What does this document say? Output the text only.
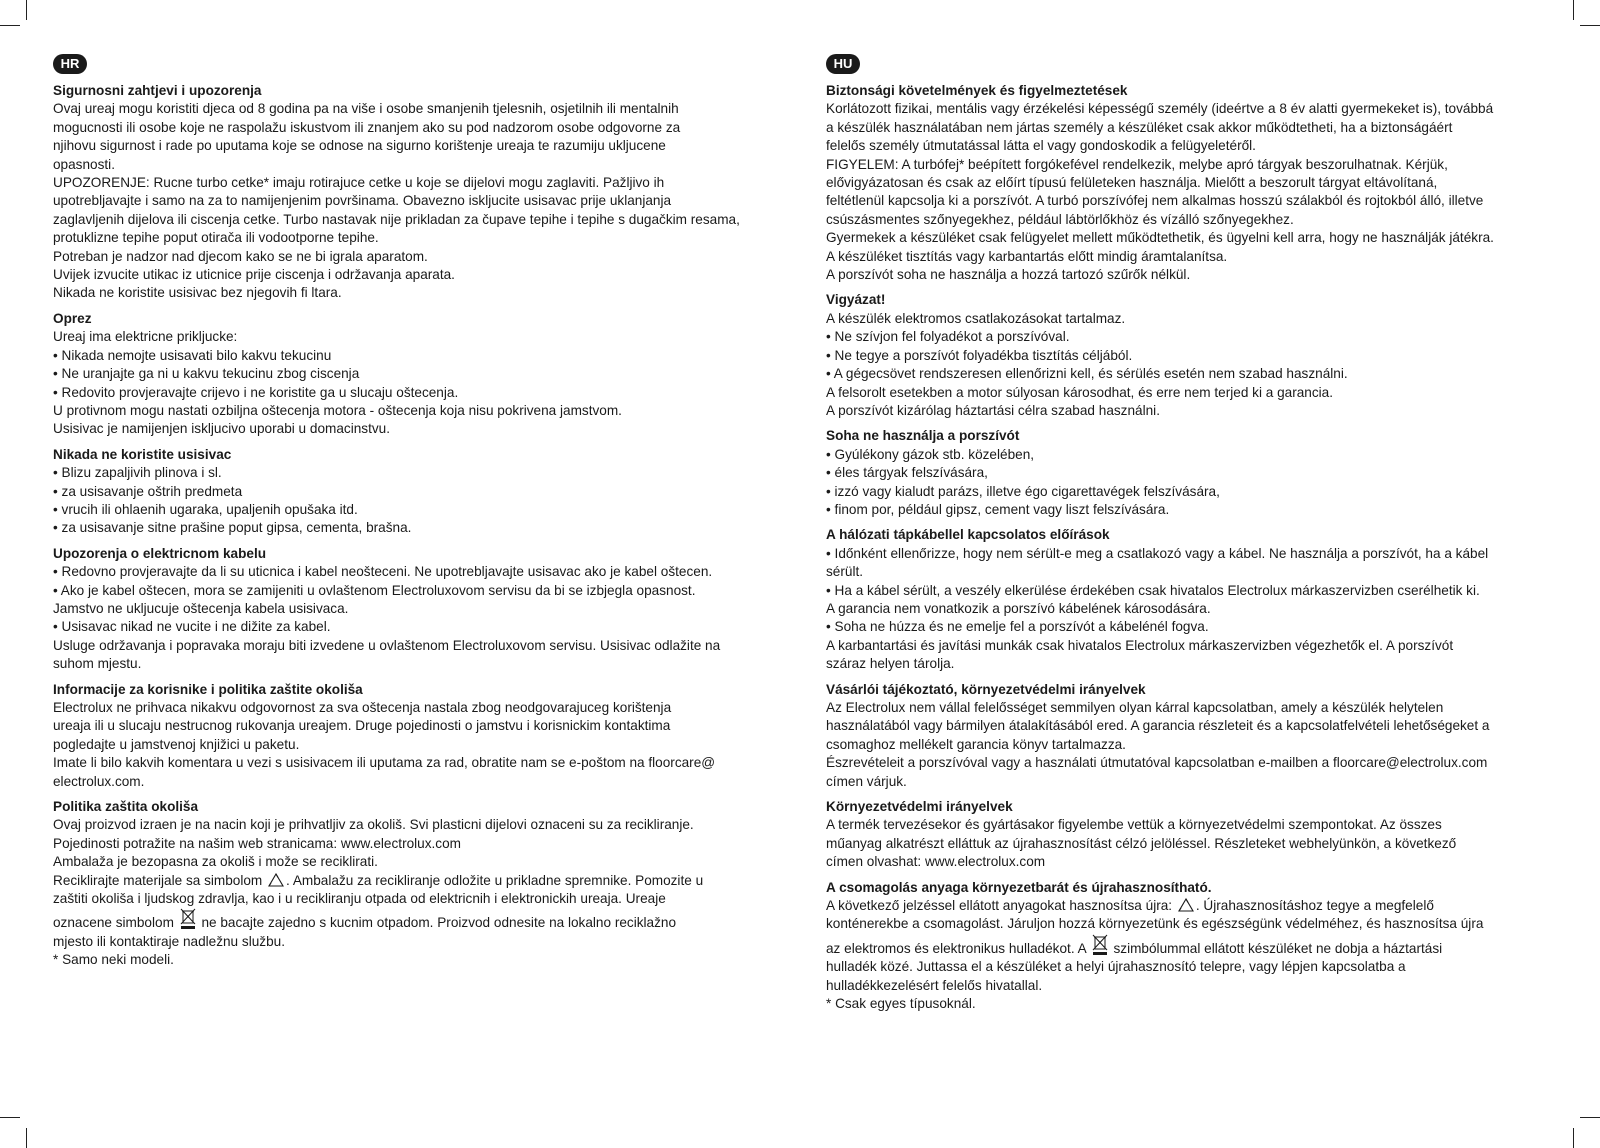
HR
Sigurnosni zahtjevi i upozorenja

Ovaj ureaj mogu koristiti djeca od 8 godina pa na više i osobe smanjenih tjelesnih, osjetilnih ili mentalnih
mogucnosti ili osobe koje ne raspolažu iskustvom ili znanjem ako su pod nadzorom osobe odgovorne za
njihovu sigurnost i rade po uputama koje se odnose na sigurno korištenje ureaja te razumiju ukljucene
opasnosti.
UPOZORENJE: Rucne turbo cetke* imaju rotirajuce cetke u koje se dijelovi mogu zaglaviti. Pažljivo ih
upotrebljavajte i samo na za to namijenjenim površinama. Obavezno iskljucite usisavac prije uklanjanja
zaglavljenih dijelova ili ciscenja cetke. Turbo nastavak nije prikladan za čupave tepihe i tepihe s dugačkim resama,
protuklizne tepihe poput otirača ili vodootporne tepihe.
Potreban je nadzor nad djecom kako se ne bi igrala aparatom.
Uvijek izvucite utikac iz uticnice prije ciscenja i održavanja aparata.
Nikada ne koristite usisivac bez njegovih fi ltara.

Oprez

Ureaj ima elektricne prikljucke:
• Nikada nemojte usisavati bilo kakvu tekucinu
• Ne uranjajte ga ni u kakvu tekucinu zbog ciscenja
• Redovito provjeravajte crijevo i ne koristite ga u slucaju oštecenja.
U protivnom mogu nastati ozbiljna oštecenja motora - oštecenja koja nisu pokrivena jamstvom.
Usisivac je namijenjen iskljucivo uporabi u domacinstvu.

Nikada ne koristite usisivac

• Blizu zapaljivih plinova i sl.
• za usisavanje oštrih predmeta
• vrucih ili ohlaenih ugaraka, upaljenih opušaka itd.
• za usisavanje sitne prašine poput gipsa, cementa, brašna.

Upozorenja o elektricnom kabelu

• Redovno provjeravajte da li su uticnica i kabel neošteceni. Ne upotrebljavajte usisavac ako je kabel oštecen.
• Ako je kabel oštecen, mora se zamijeniti u ovlaštenom Electroluxovom servisu da bi se izbjegla opasnost.
Jamstvo ne ukljucuje oštecenja kabela usisivaca.
• Usisavac nikad ne vucite i ne dižite za kabel.
Usluge održavanja i popravaka moraju biti izvedene u ovlaštenom Electroluxovom servisu. Usisivac odlažite na
suhom mjestu.

Informacije za korisnike i politika zaštite okoliša

Electrolux ne prihvaca nikakvu odgovornost za sva oštecenja nastala zbog neodgovarajuceg korištenja
ureaja ili u slucaju nestrucnog rukovanja ureajem. Druge pojedinosti o jamstvu i korisnickim kontaktima
pogledajte u jamstvenoj knjižici u paketu.
Imate li bilo kakvih komentara u vezi s usisivacem ili uputama za rad, obratite nam se e-poštom na floorcare@
electrolux.com.

Politika zaštita okoliša

Ovaj proizvod izraen je na nacin koji je prihvatljiv za okoliš. Svi plasticni dijelovi oznaceni su za recikliranje.
Pojedinosti potražite na našim web stranicama: www.electrolux.com
Ambalaža je bezopasna za okoliš i može se reciklirati.
Reciklirajte materijale sa simbolom
. Ambalažu za recikliranje odložite u prikladne spremnike. Pomozite u
zaštiti okoliša i ljudskog zdravlja, kao i u recikliranju otpada od elektricnih i elektronickih ureaja. Ureaje
oznacene simbolom
ne bacajte zajedno s kucnim otpadom. Proizvod odnesite na lokalno reciklažno
mjesto ili kontaktiraje nadležnu službu.
* Samo neki modeli.

HU
Biztonsági követelmények és figyelmeztetések

Korlátozott fizikai, mentális vagy érzékelési képességű személy (ideértve a 8 év alatti gyermekeket is), továbbá
a készülék használatában nem jártas személy a készüléket csak akkor működtetheti, ha a biztonságáért
felelős személy útmutatással látta el vagy gondoskodik a felügyeletéről.
FIGYELEM: A turbófej* beépített forgókefével rendelkezik, melybe apró tárgyak beszorulhatnak. Kérjük,
elővigyázatosan és csak az előírt típusú felületeken használja. Mielőtt a beszorult tárgyat eltávolítaná,
feltétlenül kapcsolja ki a porszívót. A turbó porszívófej nem alkalmas hosszú szálakból és rojtokból álló, illetve
csúszásmentes szőnyegekhez, például lábtörlőkhöz és vízálló szőnyegekhez.
Gyermekek a készüléket csak felügyelet mellett működtethetik, és ügyelni kell arra, hogy ne használják játékra.
A készüléket tisztítás vagy karbantartás előtt mindig áramtalanítsa.
A porszívót soha ne használja a hozzá tartozó szűrők nélkül.

Vigyázat!

A készülék elektromos csatlakozásokat tartalmaz.
• Ne szívjon fel folyadékot a porszívóval.
• Ne tegye a porszívót folyadékba tisztítás céljából.
• A gégecsövet rendszeresen ellenőrizni kell, és sérülés esetén nem szabad használni.
A felsorolt esetekben a motor súlyosan károsodhat, és erre nem terjed ki a garancia.
A porszívót kizárólag háztartási célra szabad használni.

Soha ne használja a porszívót

• Gyúlékony gázok stb. közelében,
• éles tárgyak felszívására,
• izzó vagy kialudt parázs, illetve égo cigarettavégek felszívására,
• finom por, például gipsz, cement vagy liszt felszívására.

A hálózati tápkábellel kapcsolatos előírások

• Időnként ellenőrizze, hogy nem sérült-e meg a csatlakozó vagy a kábel. Ne használja a porszívót, ha a kábel
sérült.
• Ha a kábel sérült, a veszély elkerülése érdekében csak hivatalos Electrolux márkaszervizben cserélhetik ki.
A garancia nem vonatkozik a porszívó kábelének károsodására.
• Soha ne húzza és ne emelje fel a porszívót a kábelénél fogva.
A karbantartási és javítási munkák csak hivatalos Electrolux márkaszervizben végezhetők el. A porszívót
száraz helyen tárolja.

Vásárlói tájékoztató, környezetvédelmi irányelvek

Az Electrolux nem vállal felelősséget semmilyen olyan kárral kapcsolatban, amely a készülék helytelen
használatából vagy bármilyen átalakításából ered. A garancia részleteit és a kapcsolatfelvételi lehetőségeket a
csomaghoz mellékelt garancia könyv tartalmazza.
Észrevételeit a porszívóval vagy a használati útmutatóval kapcsolatban e-mailben a floorcare@electrolux.com
címen várjuk.

Környezetvédelmi irányelvek

A termék tervezésekor és gyártásakor figyelembe vettük a környezetvédelmi szempontokat. Az összes
műanyag alkatrészt elláttuk az újrahasznosítást célzó jelöléssel. Részleteket webhelyünkön, a következő
címen olvashat: www.electrolux.com

A csomagolás anyaga környezetbarát és újrahasznosítható.

A következő jelzéssel ellátott anyagokat hasznosítsa újra:
. Újrahasznosításhoz tegye a megfelelő
konténerekbe a csomagolást. Járuljon hozzá környezetünk és egészségünk védelméhez, és hasznosítsa újra
az elektromos és elektronikus hulladékot. A
szimbólummal ellátott készüléket ne dobja a háztartási
hulladék közé. Juttassa el a készüléket a helyi újrahasznosító telepre, vagy lépjen kapcsolatba a
hulladékkezelésért felelős hivatallal.
* Csak egyes típusoknál.
